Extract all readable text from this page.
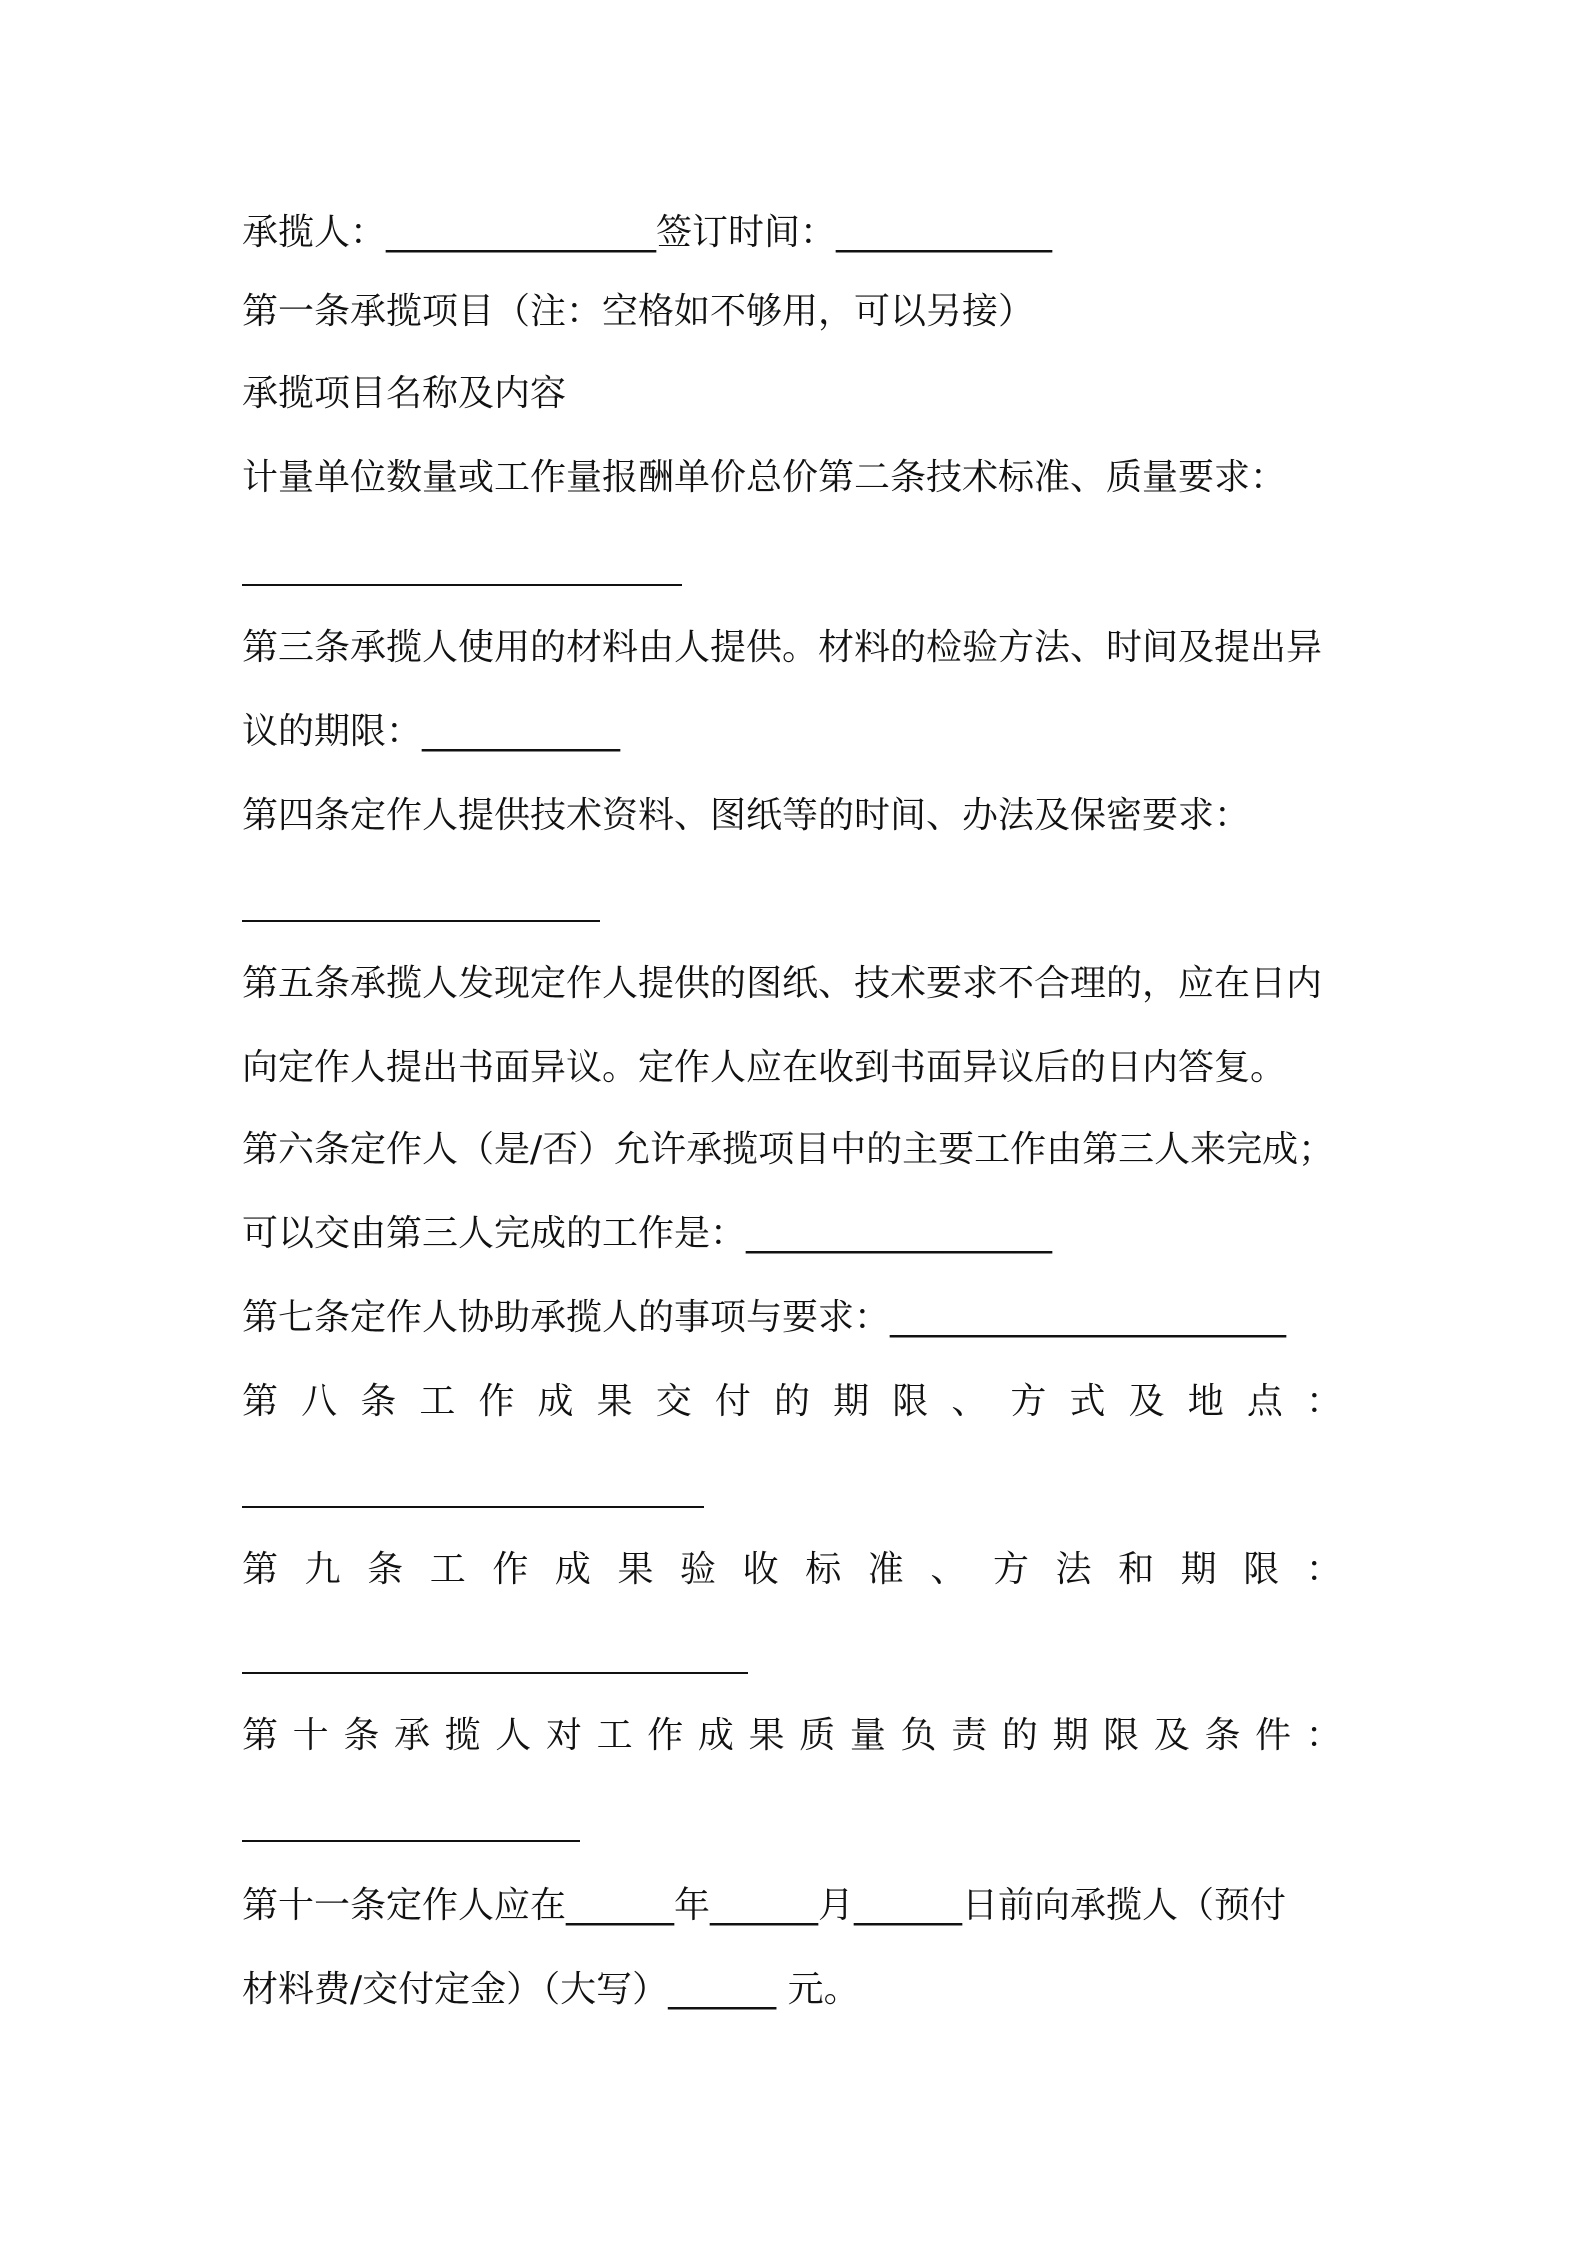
承揽人：_______________签订时间：____________

第一条承揽项目（注：空格如不够用，可以另接）

承揽项目名称及内容

计量单位数量或工作量报酬单价总价第二条技术标准、质量要求：

第三条承揽人使用的材料由人提供。材料的检验方法、时间及提出异

议的期限：___________

第四条定作人提供技术资料、图纸等的时间、办法及保密要求：

第五条承揽人发现定作人提供的图纸、技术要求不合理的，应在日内

向定作人提出书面异议。定作人应在收到书面异议后的日内答复。

第六条定作人（是/否）允许承揽项目中的主要工作由第三人来完成；

可以交由第三人完成的工作是：_________________

第七条定作人协助承揽人的事项与要求：______________________

第 八 条 工 作 成 果 交 付 的 期 限 、 方 式 及 地 点 ：
第 九 条 工 作 成 果 验 收 标 准 、 方 法 和 期 限 ：
第 十 条 承 揽 人 对 工 作 成 果 质 量 负 责 的 期 限 及 条 件 ：

第十一条定作人应在______年______月______日前向承揽人（预付

材料费/交付定金）（大写）______ 元。
